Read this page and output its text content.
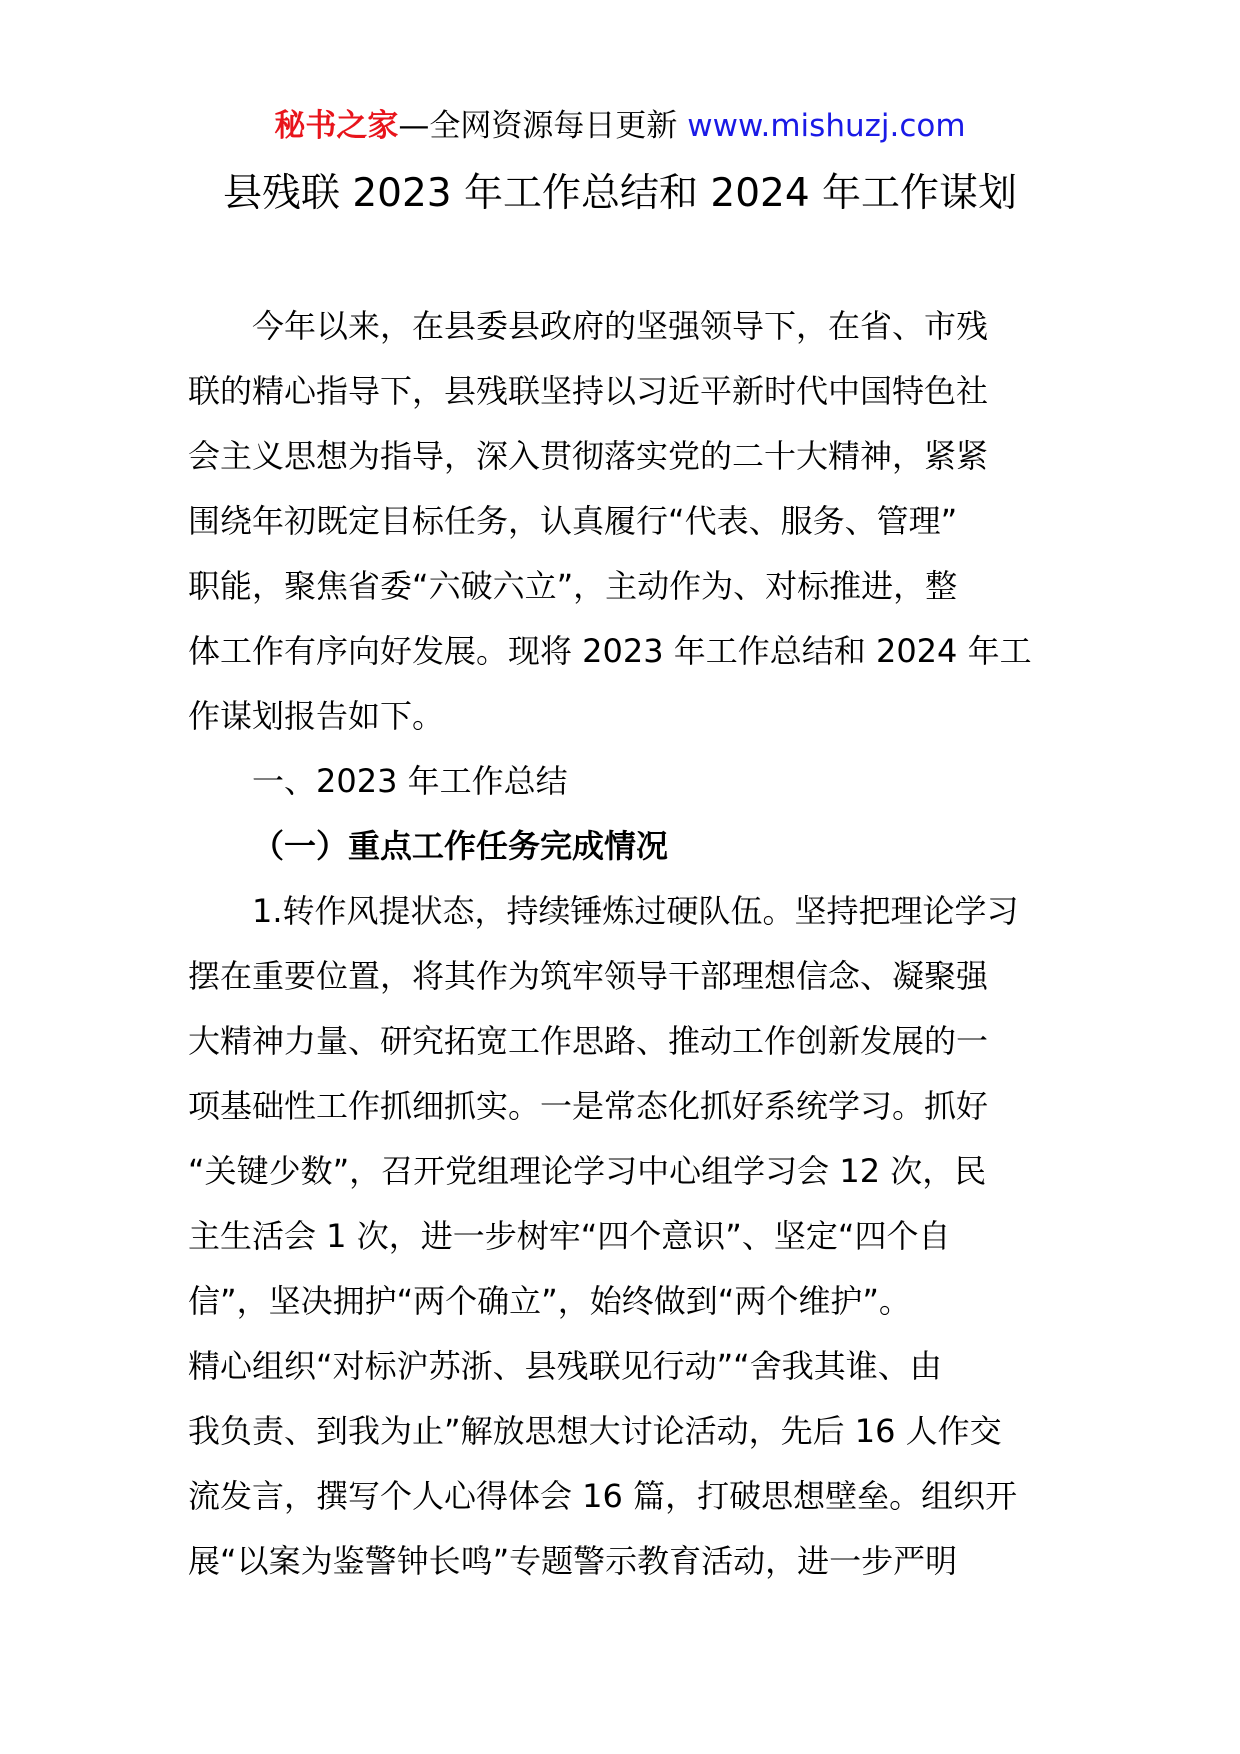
秘书之家—全网资源每日更新 www.mishuzj.com
县残联 2023 年工作总结和 2024 年工作谋划
今年以来，在县委县政府的坚强领导下，在省、市残
联的精心指导下，县残联坚持以习近平新时代中国特色社
会主义思想为指导，深入贯彻落实党的二十大精神，紧紧
围绕年初既定目标任务，认真履行“代表、服务、管理”
职能，聚焦省委“六破六立”，主动作为、对标推进，整
体工作有序向好发展。现将 2023 年工作总结和 2024 年工
作谋划报告如下。
一、2023 年工作总结
（一）重点工作任务完成情况
1.转作风提状态，持续锤炼过硬队伍。坚持把理论学习
摆在重要位置，将其作为筑牢领导干部理想信念、凝聚强
大精神力量、研究拓宽工作思路、推动工作创新发展的一
项基础性工作抓细抓实。一是常态化抓好系统学习。抓好
“关键少数”，召开党组理论学习中心组学习会 12 次，民
主生活会 1 次，进一步树牢“四个意识”、坚定“四个自
信”，坚决拥护“两个确立”，始终做到“两个维护”。
精心组织“对标沪苏浙、县残联见行动”“舍我其谁、由
我负责、到我为止”解放思想大讨论活动，先后 16 人作交
流发言，撰写个人心得体会 16 篇，打破思想壁垒。组织开
展“以案为鉴警钟长鸣”专题警示教育活动，进一步严明
